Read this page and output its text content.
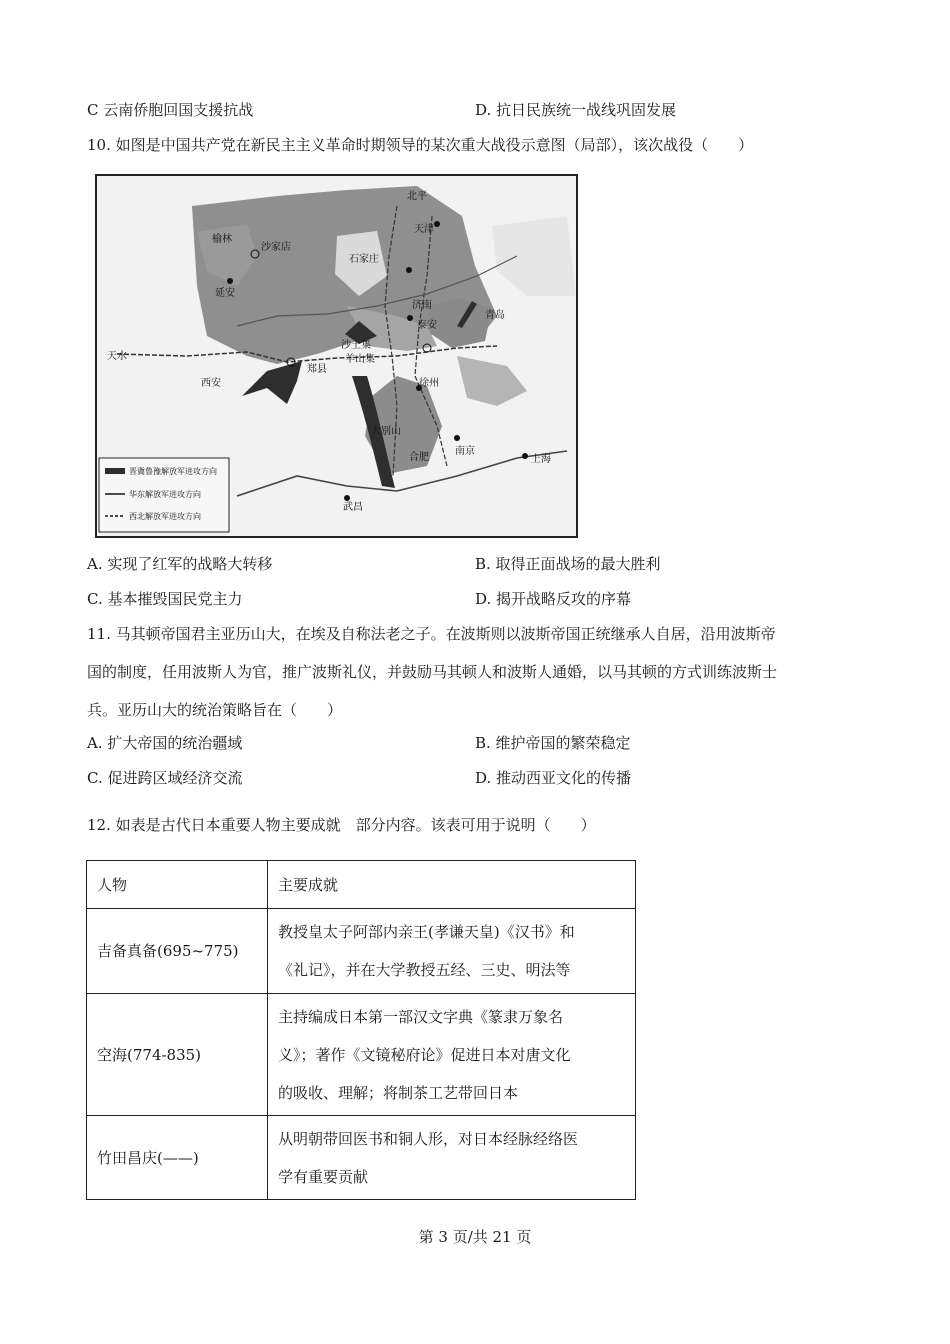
C 云南侨胞回国支援抗战	D. 抗日民族统一战线巩固发展
10. 如图是中国共产党在新民主主义革命时期领导的某次重大战役示意图（局部），该次战役（　　）
北平
天津
榆林
沙家店
石家庄
延安
济南
泰安
青岛
天水
西安
郑县
沙土集
羊山集
徐州
大别山
合肥
南京
上海
武昌
晋冀鲁豫解放军进攻方向
华东解放军进攻方向
西北解放军进攻方向
A. 实现了红军的战略大转移	B. 取得正面战场的最大胜利
C. 基本摧毁国民党主力	D. 揭开战略反攻的序幕
11. 马其顿帝国君主亚历山大，在埃及自称法老之子。在波斯则以波斯帝国正统继承人自居，沿用波斯帝
国的制度，任用波斯人为官，推广波斯礼仪，并鼓励马其顿人和波斯人通婚，以马其顿的方式训练波斯士
兵。亚历山大的统治策略旨在（　　）
A. 扩大帝国的统治疆域	B. 维护帝国的繁荣稳定
C. 促进跨区域经济交流	D. 推动西亚文化的传播
12. 如表是古代日本重要人物主要成就　部分内容。该表可用于说明（　　）
人物	主要成就
吉备真备(695~775)	教授皇太子阿部内亲王(孝谦天皇)《汉书》和
《礼记》，并在大学教授五经、三史、明法等

空海(774-835)	主持编成日本第一部汉文字典《篆隶万象名
义》；著作《文镜秘府论》促进日本对唐文化
的吸收、理解；将制茶工艺带回日本

竹田昌庆(——)	从明朝带回医书和铜人形，对日本经脉经络医
学有重要贡献
第 3 页/共 21 页
